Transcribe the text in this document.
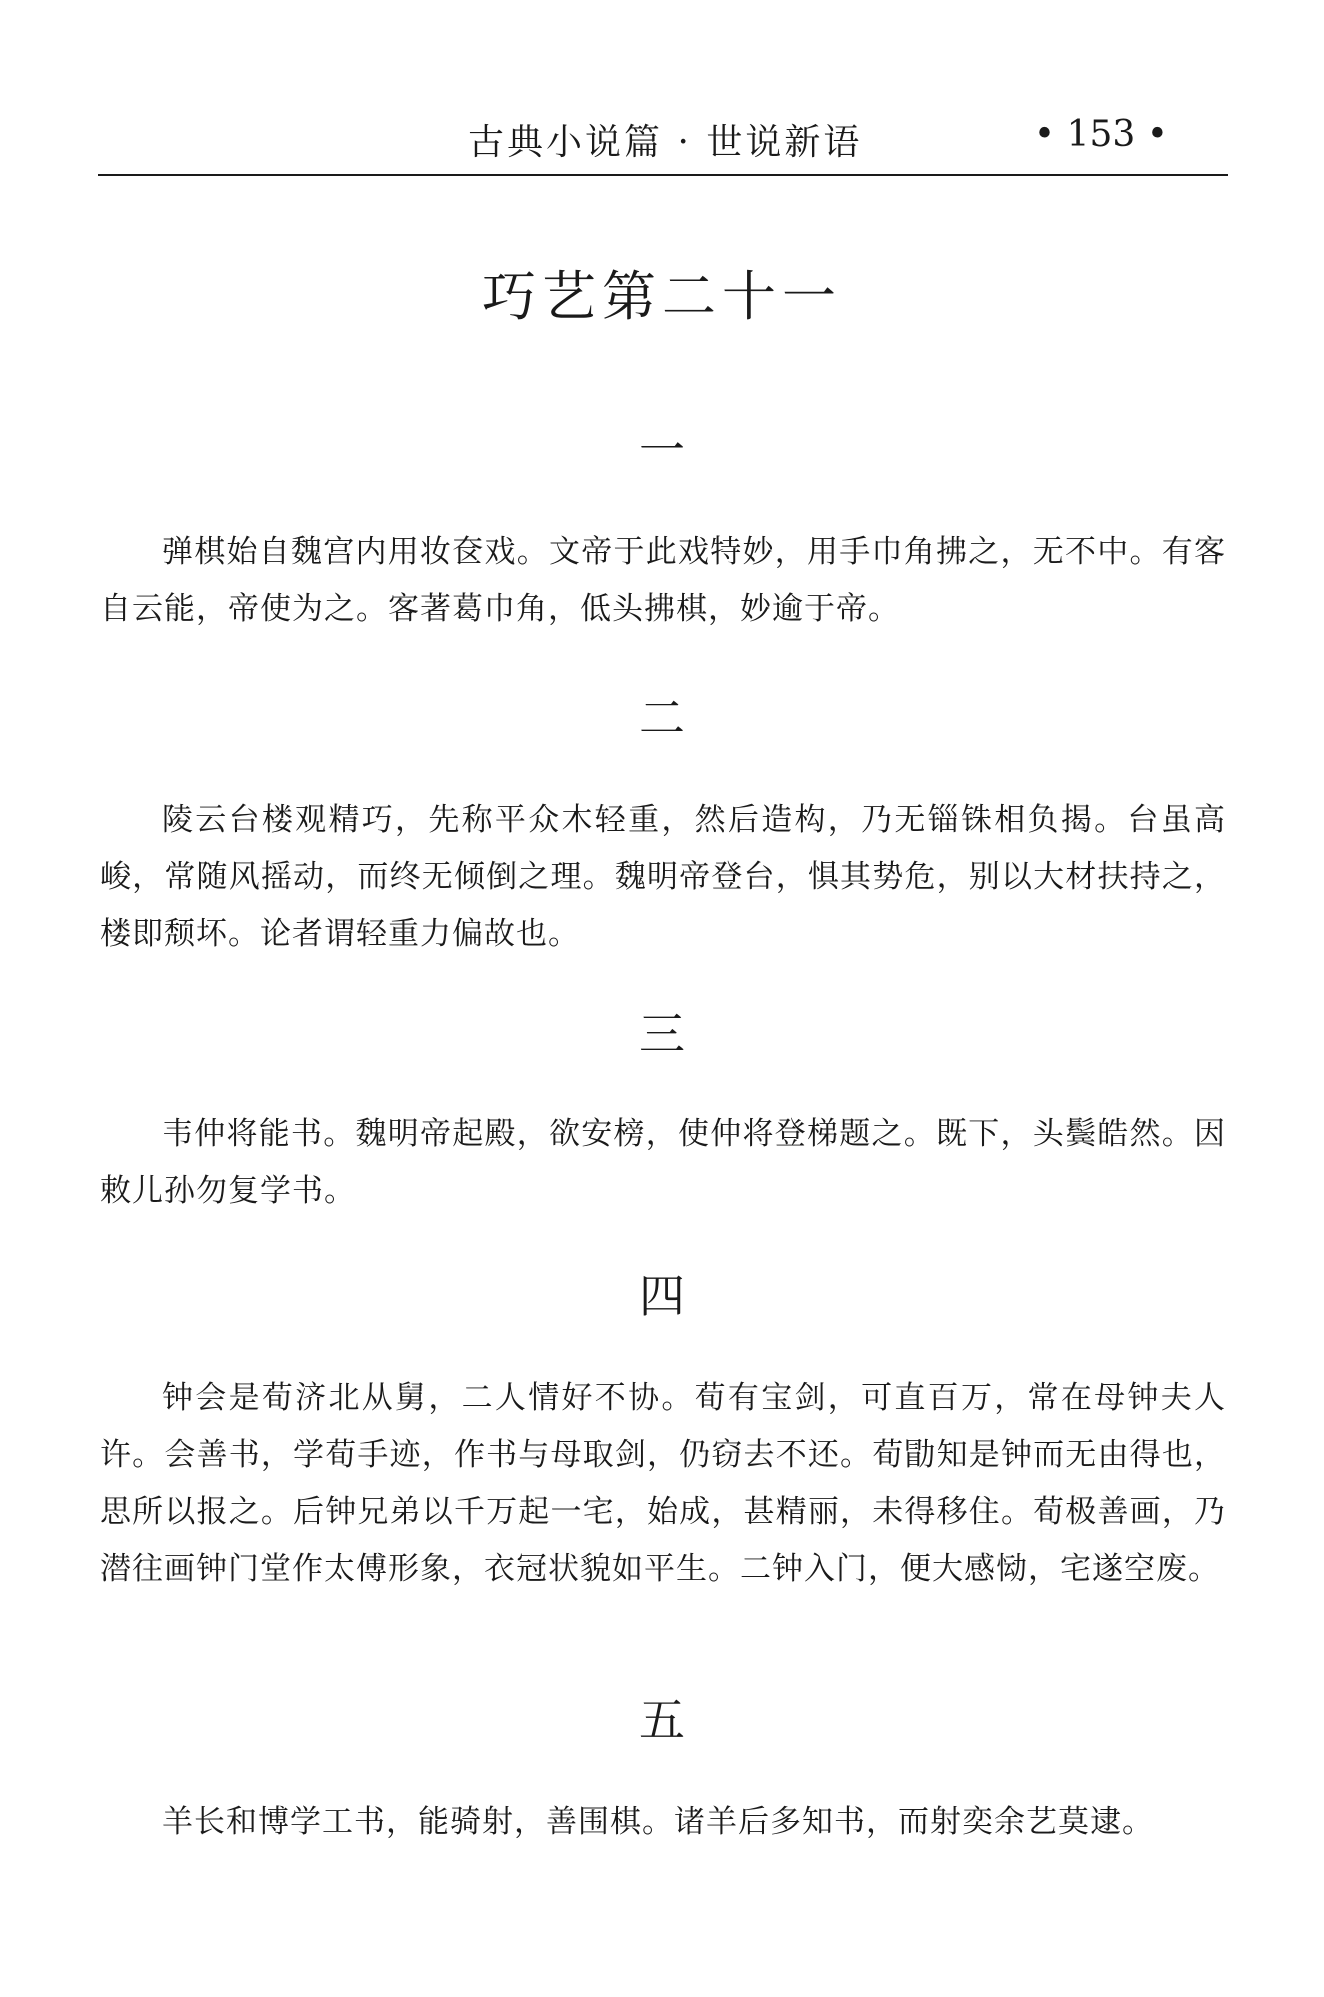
古典小说篇 · 世说新语	• 153 •
巧艺第二十一
一

弹棋始自魏宫内用妆奁戏。文帝于此戏特妙，用手巾角拂之，无不中。有客自云能，帝使为之。客著葛巾角，低头拂棋，妙逾于帝。

二

陵云台楼观精巧，先称平众木轻重，然后造构，乃无锱铢相负揭。台虽高峻，常随风摇动，而终无倾倒之理。魏明帝登台，惧其势危，别以大材扶持之，楼即颓坏。论者谓轻重力偏故也。

三

韦仲将能书。魏明帝起殿，欲安榜，使仲将登梯题之。既下，头鬓皓然。因敕儿孙勿复学书。

四

钟会是荀济北从舅，二人情好不协。荀有宝剑，可直百万，常在母钟夫人许。会善书，学荀手迹，作书与母取剑，仍窃去不还。荀勖知是钟而无由得也，思所以报之。后钟兄弟以千万起一宅，始成，甚精丽，未得移住。荀极善画，乃潜往画钟门堂作太傅形象，衣冠状貌如平生。二钟入门，便大感恸，宅遂空废。

五

羊长和博学工书，能骑射，善围棋。诸羊后多知书，而射奕余艺莫逮。
